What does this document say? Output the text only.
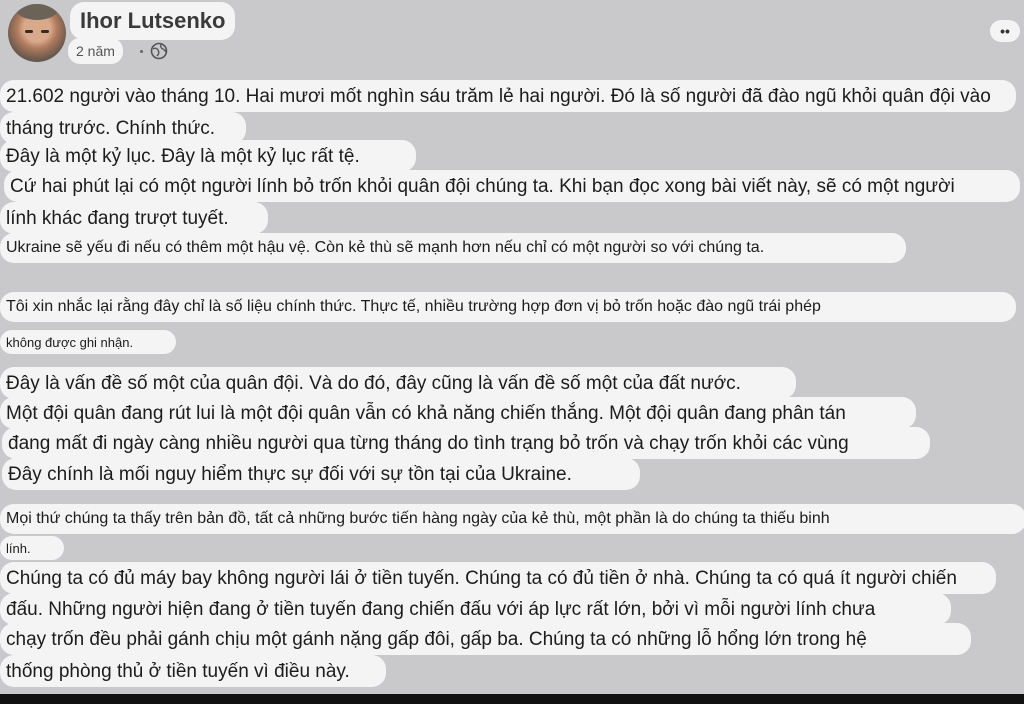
Ihor Lutsenko
2 năm
••
21.602 người vào tháng 10. Hai mươi mốt nghìn sáu trăm lẻ hai người. Đó là số người đã đào ngũ khỏi quân đội vào
tháng trước. Chính thức.
Đây là một kỷ lục. Đây là một kỷ lục rất tệ.
Cứ hai phút lại có một người lính bỏ trốn khỏi quân đội chúng ta. Khi bạn đọc xong bài viết này, sẽ có một người
lính khác đang trượt tuyết.
Ukraine sẽ yếu đi nếu có thêm một hậu vệ. Còn kẻ thù sẽ mạnh hơn nếu chỉ có một người so với chúng ta.
Tôi xin nhắc lại rằng đây chỉ là số liệu chính thức. Thực tế, nhiều trường hợp đơn vị bỏ trốn hoặc đào ngũ trái phép
không được ghi nhận.
Đây là vấn đề số một của quân đội. Và do đó, đây cũng là vấn đề số một của đất nước.
Một đội quân đang rút lui là một đội quân vẫn có khả năng chiến thắng. Một đội quân đang phân tán
đang mất đi ngày càng nhiều người qua từng tháng do tình trạng bỏ trốn và chạy trốn khỏi các vùng
Đây chính là mối nguy hiểm thực sự đối với sự tồn tại của Ukraine.
Mọi thứ chúng ta thấy trên bản đồ, tất cả những bước tiến hàng ngày của kẻ thù, một phần là do chúng ta thiếu binh
lính.
Chúng ta có đủ máy bay không người lái ở tiền tuyến. Chúng ta có đủ tiền ở nhà. Chúng ta có quá ít người chiến
đấu. Những người hiện đang ở tiền tuyến đang chiến đấu với áp lực rất lớn, bởi vì mỗi người lính chưa
chạy trốn đều phải gánh chịu một gánh nặng gấp đôi, gấp ba. Chúng ta có những lỗ hổng lớn trong hệ
thống phòng thủ ở tiền tuyến vì điều này.
